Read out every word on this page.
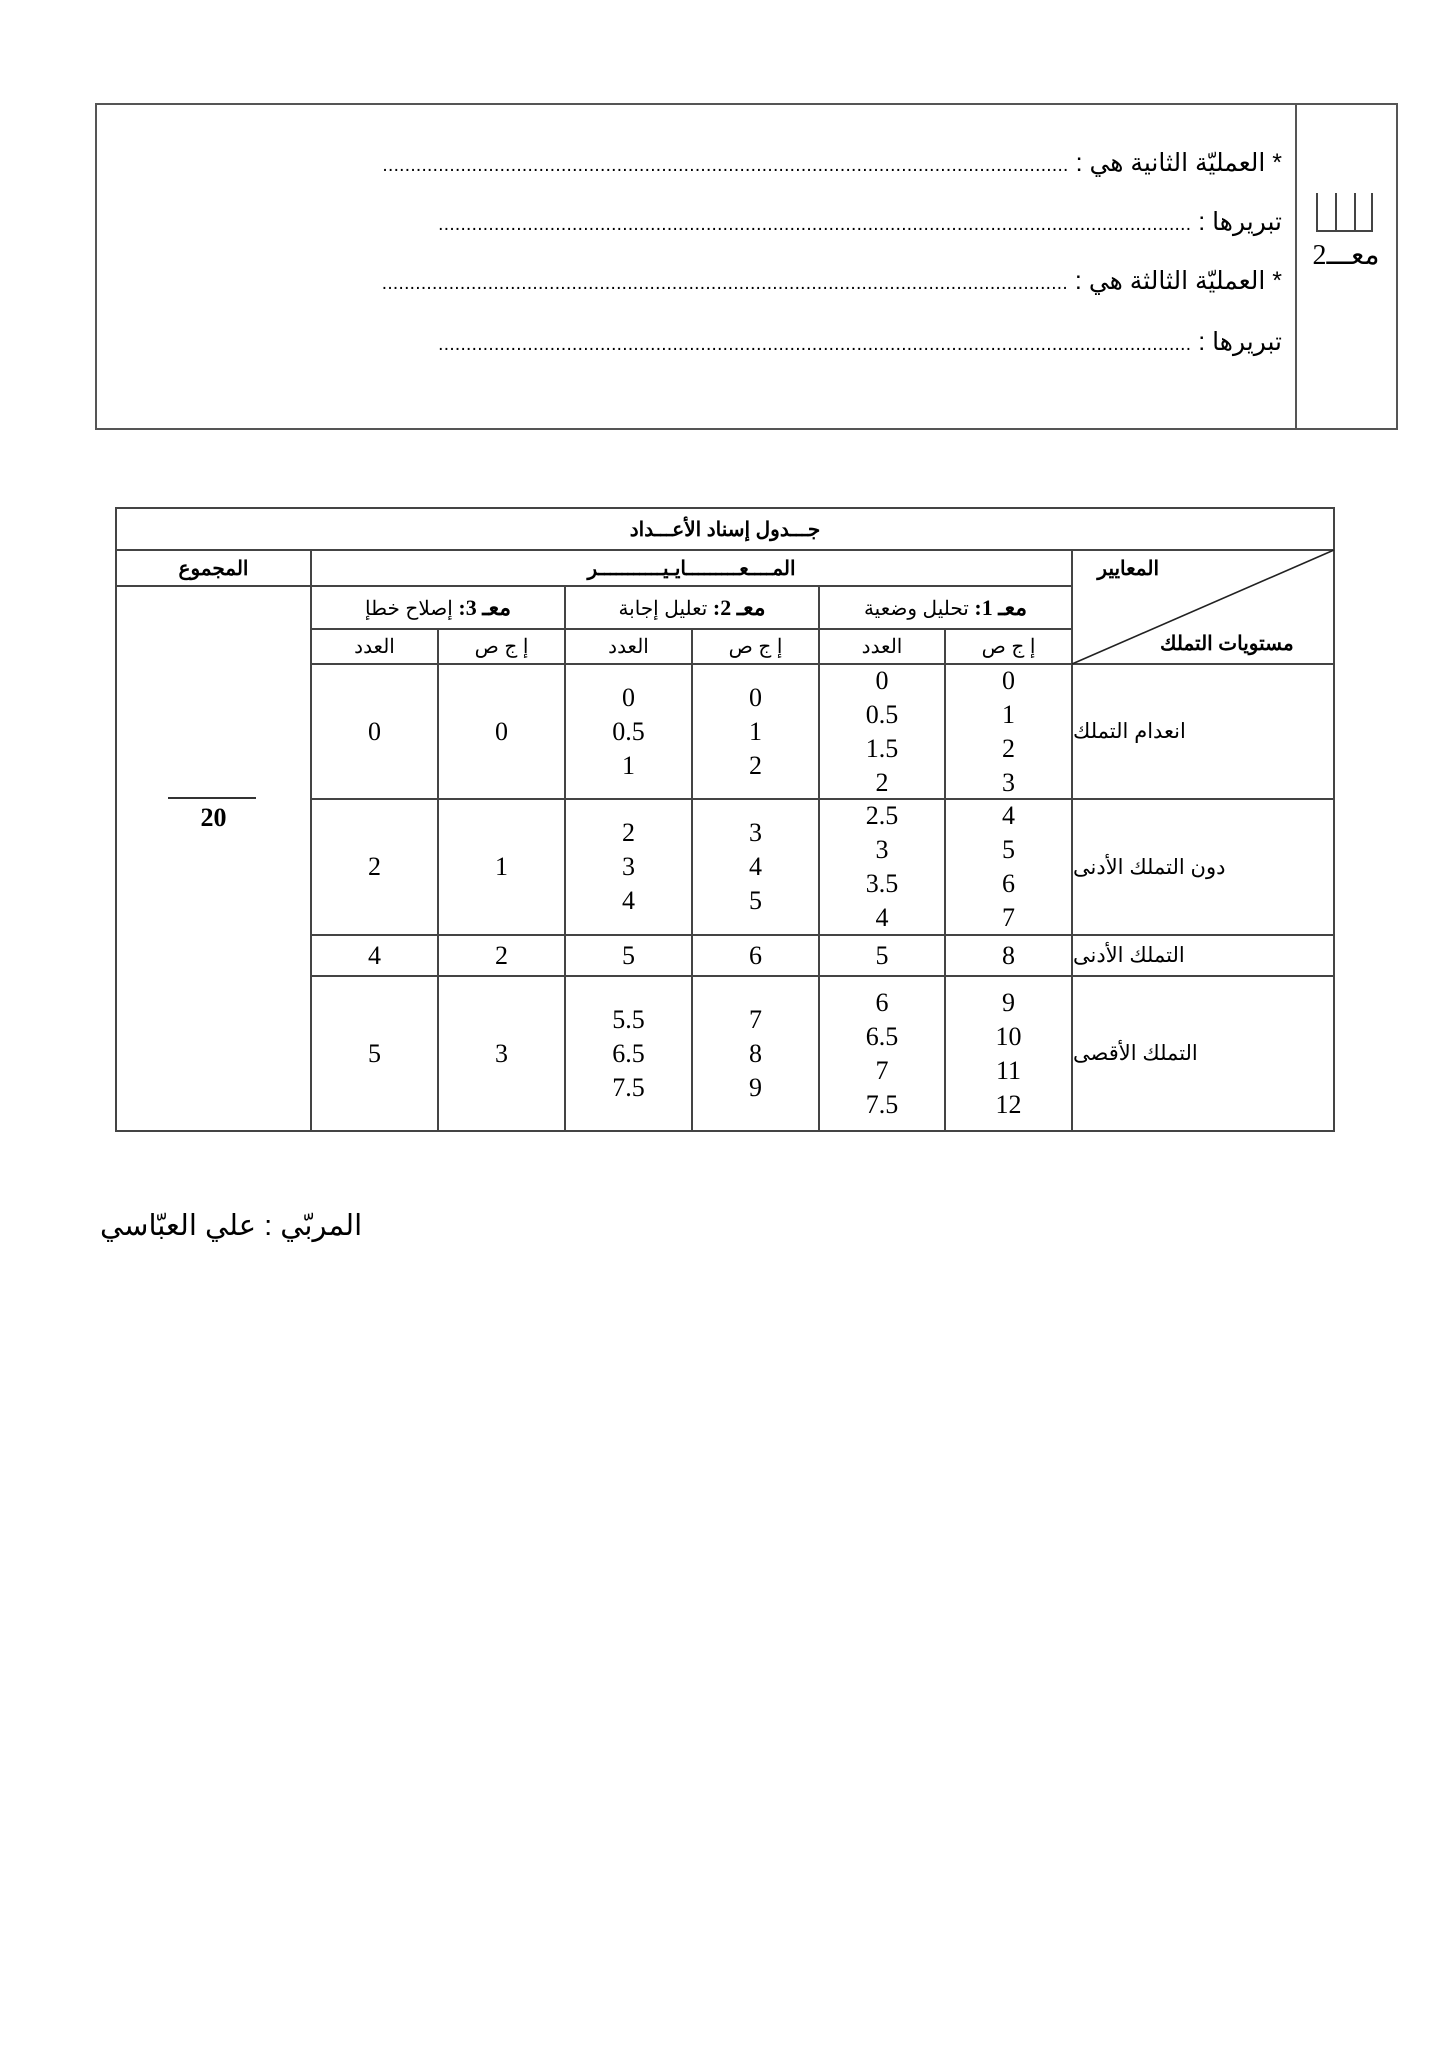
* العمليّة الثانية هي : ...........................................................................................................................
تبريرها : .......................................................................................................................................
* العمليّة الثالثة هي : ...........................................................................................................................
تبريرها : .......................................................................................................................................
معـــ2
جـــدول إسناد الأعـــداد
المجموع	المــــعـــــــــايـيـــــــــــر	المعايير
مستويات التملك
معـ 1: تحليل وضعية
معـ 2: تعليل إجابة
معـ 3: إصلاح خطإ
إ ج ص
العدد
إ ج ص
العدد
إ ج ص
العدد
20
انعدام التملك
0
1
2
3
0
0.5
1.5
2
0
1
2
0
0.5
1
0
0
دون التملك الأدنى
4
5
6
7
2.5
3
3.5
4
3
4
5
2
3
4
1
2
التملك الأدنى
8
5
6
5
2
4
التملك الأقصى
9
10
11
12
6
6.5
7
7.5
7
8
9
5.5
6.5
7.5
3
5
المربّي : علي العبّاسي
